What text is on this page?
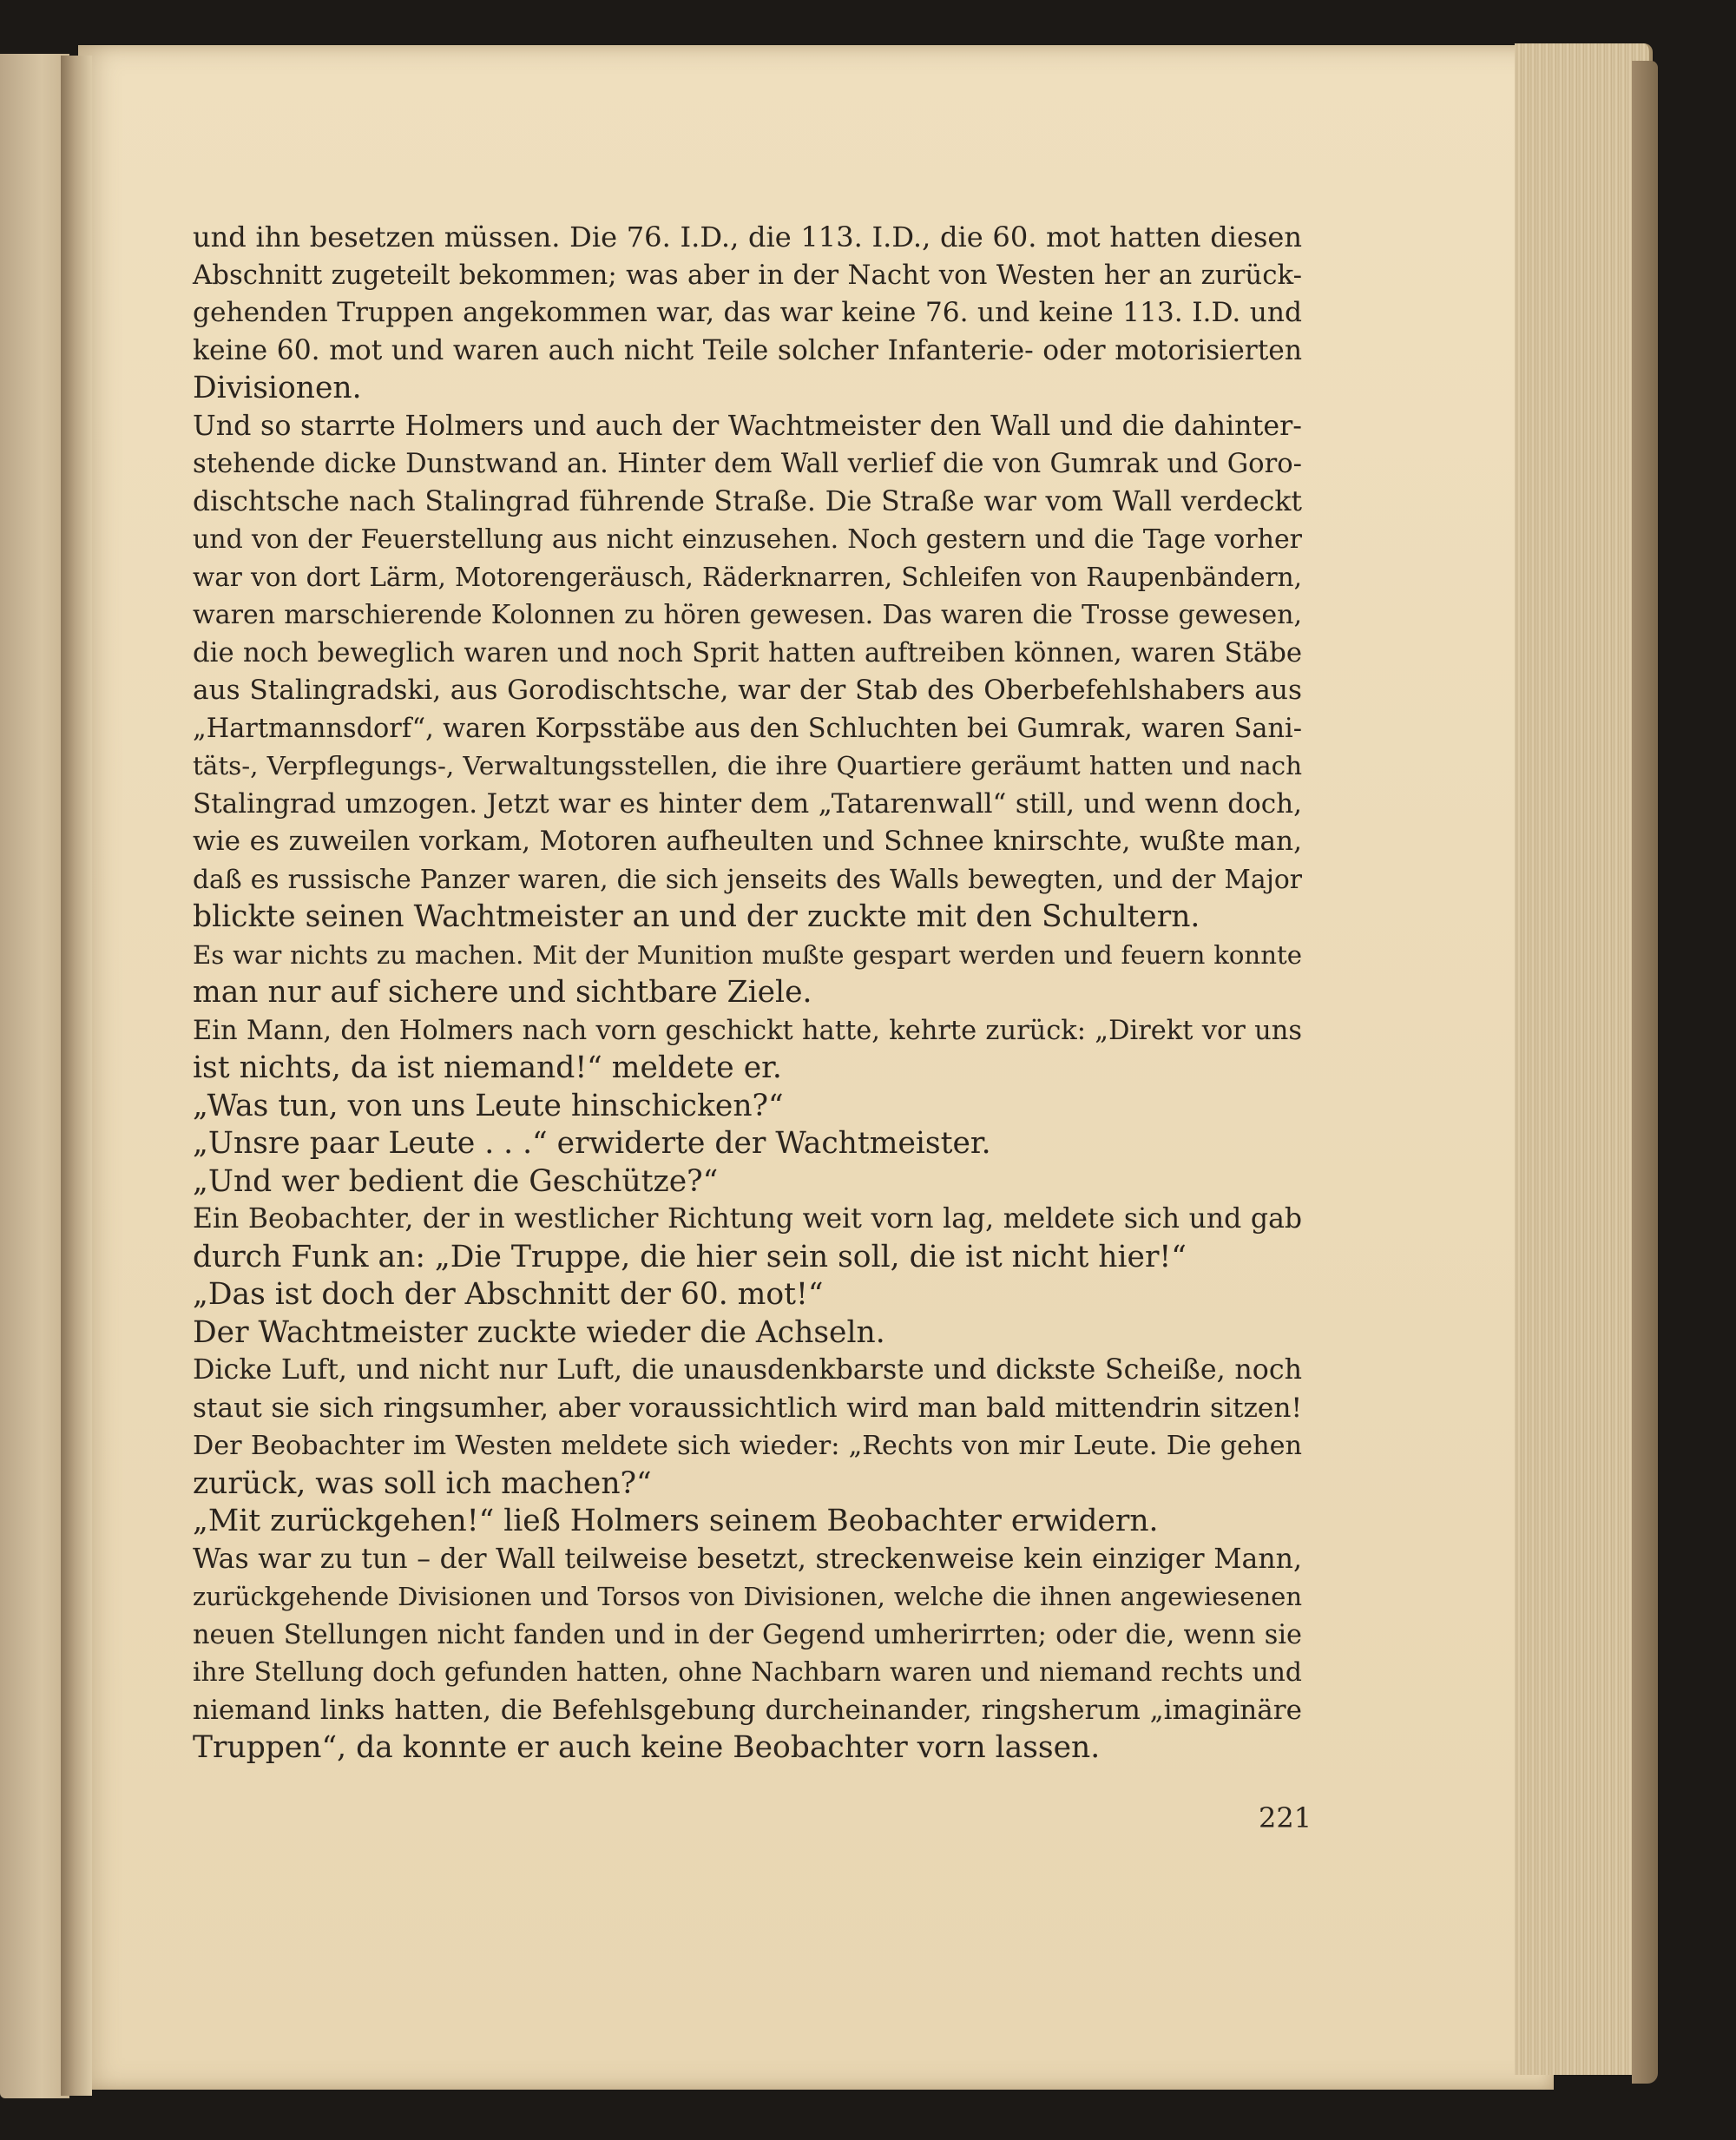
und ihn besetzen müssen. Die 76. I.D., die 113. I.D., die 60. mot hatten diesen
Abschnitt zugeteilt bekommen; was aber in der Nacht von Westen her an zurück-
gehenden Truppen angekommen war, das war keine 76. und keine 113. I.D. und
keine 60. mot und waren auch nicht Teile solcher Infanterie- oder motorisierten
Divisionen.
Und so starrte Holmers und auch der Wachtmeister den Wall und die dahinter-
stehende dicke Dunstwand an. Hinter dem Wall verlief die von Gumrak und Goro-
dischtsche nach Stalingrad führende Straße. Die Straße war vom Wall verdeckt
und von der Feuerstellung aus nicht einzusehen. Noch gestern und die Tage vorher
war von dort Lärm, Motorengeräusch, Räderknarren, Schleifen von Raupenbändern,
waren marschierende Kolonnen zu hören gewesen. Das waren die Trosse gewesen,
die noch beweglich waren und noch Sprit hatten auftreiben können, waren Stäbe
aus Stalingradski, aus Gorodischtsche, war der Stab des Oberbefehlshabers aus
„Hartmannsdorf“, waren Korpsstäbe aus den Schluchten bei Gumrak, waren Sani-
täts-, Verpflegungs-, Verwaltungsstellen, die ihre Quartiere geräumt hatten und nach
Stalingrad umzogen. Jetzt war es hinter dem „Tatarenwall“ still, und wenn doch,
wie es zuweilen vorkam, Motoren aufheulten und Schnee knirschte, wußte man,
daß es russische Panzer waren, die sich jenseits des Walls bewegten, und der Major
blickte seinen Wachtmeister an und der zuckte mit den Schultern.
Es war nichts zu machen. Mit der Munition mußte gespart werden und feuern konnte
man nur auf sichere und sichtbare Ziele.
Ein Mann, den Holmers nach vorn geschickt hatte, kehrte zurück: „Direkt vor uns
ist nichts, da ist niemand!“ meldete er.
„Was tun, von uns Leute hinschicken?“
„Unsre paar Leute . . .“ erwiderte der Wachtmeister.
„Und wer bedient die Geschütze?“
Ein Beobachter, der in westlicher Richtung weit vorn lag, meldete sich und gab
durch Funk an: „Die Truppe, die hier sein soll, die ist nicht hier!“
„Das ist doch der Abschnitt der 60. mot!“
Der Wachtmeister zuckte wieder die Achseln.
Dicke Luft, und nicht nur Luft, die unausdenkbarste und dickste Scheiße, noch
staut sie sich ringsumher, aber voraussichtlich wird man bald mittendrin sitzen!
Der Beobachter im Westen meldete sich wieder: „Rechts von mir Leute. Die gehen
zurück, was soll ich machen?“
„Mit zurückgehen!“ ließ Holmers seinem Beobachter erwidern.
Was war zu tun – der Wall teilweise besetzt, streckenweise kein einziger Mann,
zurückgehende Divisionen und Torsos von Divisionen, welche die ihnen angewiesenen
neuen Stellungen nicht fanden und in der Gegend umherirrten; oder die, wenn sie
ihre Stellung doch gefunden hatten, ohne Nachbarn waren und niemand rechts und
niemand links hatten, die Befehlsgebung durcheinander, ringsherum „imaginäre
Truppen“, da konnte er auch keine Beobachter vorn lassen.
221
